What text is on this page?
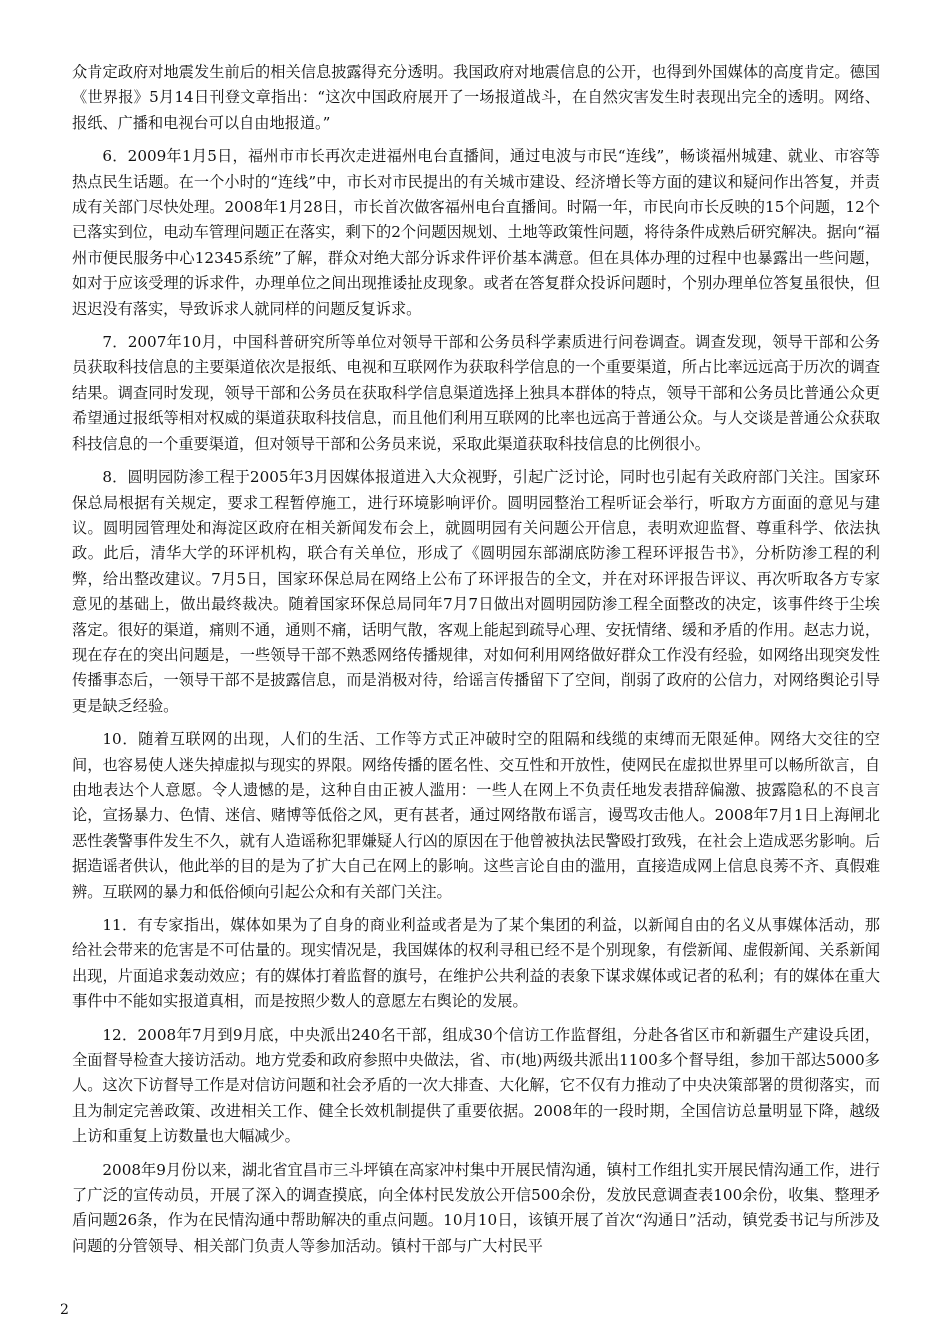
众肯定政府对地震发生前后的相关信息披露得充分透明。我国政府对地震信息的公开，也得到外国媒体的高度肯定。德国《世界报》5月14日刊登文章指出：“这次中国政府展开了一场报道战斗，在自然灾害发生时表现出完全的透明。网络、报纸、广播和电视台可以自由地报道。”

6．2009年1月5日，福州市市长再次走进福州电台直播间，通过电波与市民“连线”，畅谈福州城建、就业、市容等热点民生话题。在一个小时的“连线”中，市长对市民提出的有关城市建设、经济增长等方面的建议和疑问作出答复，并责成有关部门尽快处理。2008年1月28日，市长首次做客福州电台直播间。时隔一年，市民向市长反映的15个问题，12个已落实到位，电动车管理问题正在落实，剩下的2个问题因规划、土地等政策性问题，将待条件成熟后研究解决。据向“福州市便民服务中心12345系统”了解，群众对绝大部分诉求件评价基本满意。但在具体办理的过程中也暴露出一些问题，如对于应该受理的诉求件，办理单位之间出现推诿扯皮现象。或者在答复群众投诉问题时，个别办理单位答复虽很快，但迟迟没有落实，导致诉求人就同样的问题反复诉求。

7．2007年10月，中国科普研究所等单位对领导干部和公务员科学素质进行问卷调查。调查发现，领导干部和公务员获取科技信息的主要渠道依次是报纸、电视和互联网作为获取科学信息的一个重要渠道，所占比率远远高于历次的调查结果。调查同时发现，领导干部和公务员在获取科学信息渠道选择上独具本群体的特点，领导干部和公务员比普通公众更希望通过报纸等相对权威的渠道获取科技信息，而且他们利用互联网的比率也远高于普通公众。与人交谈是普通公众获取科技信息的一个重要渠道，但对领导干部和公务员来说，采取此渠道获取科技信息的比例很小。

8．圆明园防渗工程于2005年3月因媒体报道进入大众视野，引起广泛讨论，同时也引起有关政府部门关注。国家环保总局根据有关规定，要求工程暂停施工，进行环境影响评价。圆明园整治工程听证会举行，听取方方面面的意见与建议。圆明园管理处和海淀区政府在相关新闻发布会上，就圆明园有关问题公开信息，表明欢迎监督、尊重科学、依法执政。此后，清华大学的环评机构，联合有关单位，形成了《圆明园东部湖底防渗工程环评报告书》，分析防渗工程的利弊，给出整改建议。7月5日，国家环保总局在网络上公布了环评报告的全文，并在对环评报告评议、再次听取各方专家意见的基础上，做出最终裁决。随着国家环保总局同年7月7日做出对圆明园防渗工程全面整改的决定，该事件终于尘埃落定。很好的渠道，痛则不通，通则不痛，话明气散，客观上能起到疏导心理、安抚情绪、缓和矛盾的作用。赵志力说，现在存在的突出问题是，一些领导干部不熟悉网络传播规律，对如何利用网络做好群众工作没有经验，如网络出现突发性传播事态后，一领导干部不是披露信息，而是消极对待，给谣言传播留下了空间，削弱了政府的公信力，对网络舆论引导更是缺乏经验。

10．随着互联网的出现，人们的生活、工作等方式正冲破时空的阻隔和线缆的束缚而无限延伸。网络大交往的空间，也容易使人迷失掉虚拟与现实的界限。网络传播的匿名性、交互性和开放性，使网民在虚拟世界里可以畅所欲言，自由地表达个人意愿。令人遗憾的是，这种自由正被人滥用：一些人在网上不负责任地发表措辞偏激、披露隐私的不良言论，宣扬暴力、色情、迷信、赌博等低俗之风，更有甚者，通过网络散布谣言，谩骂攻击他人。2008年7月1日上海闸北恶性袭警事件发生不久，就有人造谣称犯罪嫌疑人行凶的原因在于他曾被执法民警殴打致残，在社会上造成恶劣影响。后据造谣者供认，他此举的目的是为了扩大自己在网上的影响。这些言论自由的滥用，直接造成网上信息良莠不齐、真假难辨。互联网的暴力和低俗倾向引起公众和有关部门关注。

11．有专家指出，媒体如果为了自身的商业利益或者是为了某个集团的利益，以新闻自由的名义从事媒体活动，那给社会带来的危害是不可估量的。现实情况是，我国媒体的权利寻租已经不是个别现象，有偿新闻、虚假新闻、关系新闻出现，片面追求轰动效应；有的媒体打着监督的旗号，在维护公共利益的表象下谋求媒体或记者的私利；有的媒体在重大事件中不能如实报道真相，而是按照少数人的意愿左右舆论的发展。

12．2008年7月到9月底，中央派出240名干部，组成30个信访工作监督组，分赴各省区市和新疆生产建设兵团，全面督导检查大接访活动。地方党委和政府参照中央做法，省、市(地)两级共派出1100多个督导组，参加干部达5000多人。这次下访督导工作是对信访问题和社会矛盾的一次大排查、大化解，它不仅有力推动了中央决策部署的贯彻落实，而且为制定完善政策、改进相关工作、健全长效机制提供了重要依据。2008年的一段时期，全国信访总量明显下降，越级上访和重复上访数量也大幅减少。

2008年9月份以来，湖北省宜昌市三斗坪镇在高家冲村集中开展民情沟通，镇村工作组扎实开展民情沟通工作，进行了广泛的宣传动员，开展了深入的调查摸底，向全体村民发放公开信500余份，发放民意调查表100余份，收集、整理矛盾问题26条，作为在民情沟通中帮助解决的重点问题。10月10日，该镇开展了首次“沟通日”活动，镇党委书记与所涉及问题的分管领导、相关部门负责人等参加活动。镇村干部与广大村民平

2
